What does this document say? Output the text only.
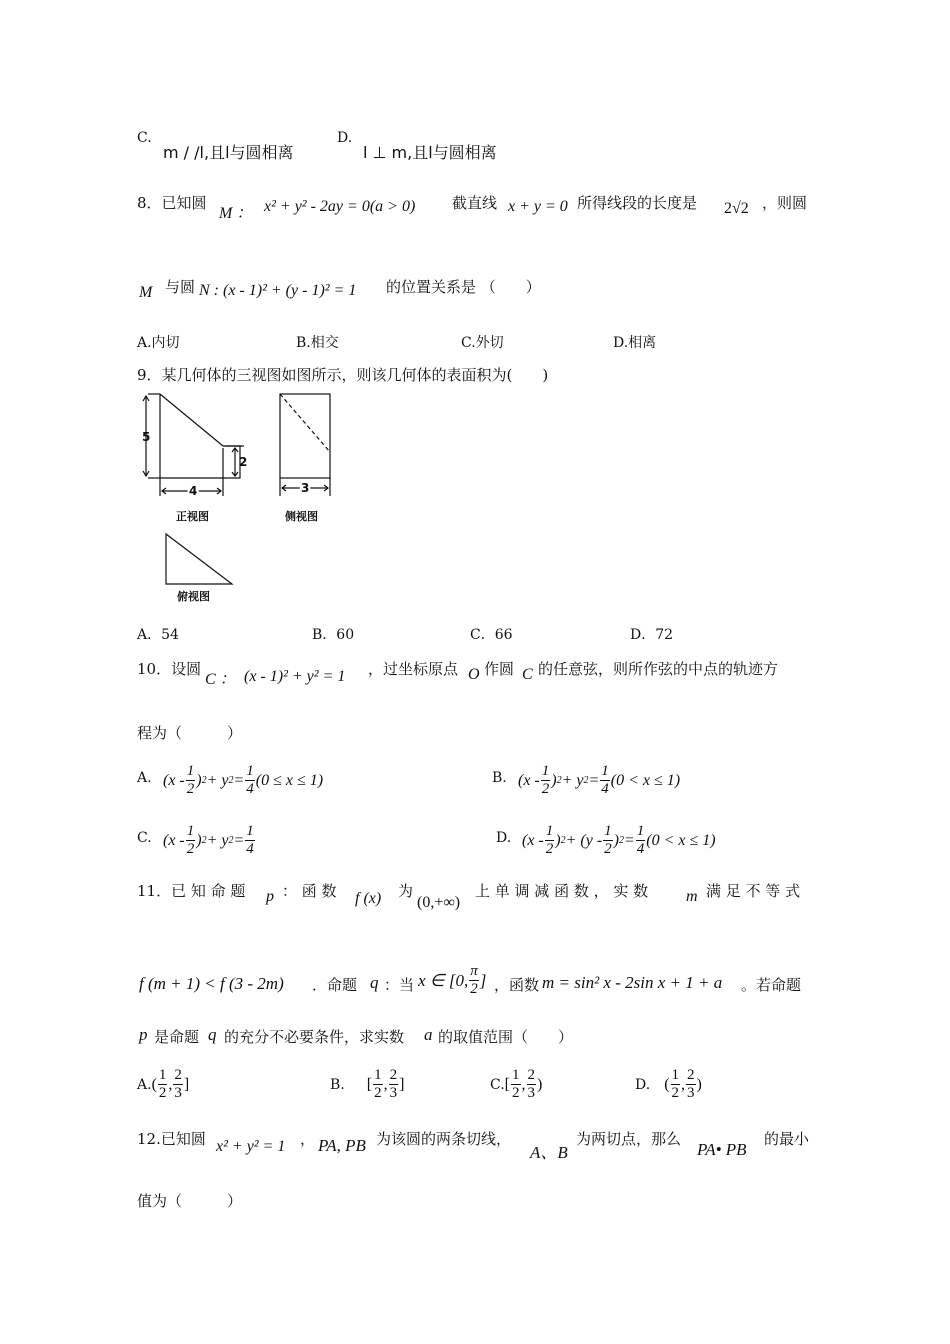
C.
m / /l,且l与圆相离
D.
l ⊥ m,且l与圆相离
8．已知圆
M ： x² + y² - 2ay = 0(a > 0) 截直线 x + y = 0 所得线段的长度是 2√2 ，则圆
M 与圆 N : (x - 1)² + (y - 1)² = 1 的位置关系是 （　　）
A.内切	B.相交	C.外切	D.相离
9．某几何体的三视图如图所示，则该几何体的表面积为(　　)
5
2
4
正视图
3
侧视图
俯视图
A．54	B．60	C．66	D．72
10．设圆
C ： (x - 1)² + y² = 1 ，过坐标原点 O 作圆 C 的任意弦，则所作弦的中点的轨迹方
程为（　　　）
A. ($x - \frac{1}{2}$ ) 2 + y $2 = \frac{1}{4} (0 \le x \le 1)$	B. ($x - \frac{1}{2}$ ) 2 + y $2 = \frac{1}{4} (0 < x \le 1)$
C. ($x - \frac{1}{2}$ ) 2 + y $2 = \frac{1}{4}$	D. ($x - \frac{1}{2}$ ) $2 + (y - \frac{1}{2}$ ) $2 = \frac{1}{4} (0 < x \le 1)$
11．已 知 命 题 p ： 函 数 f (x) 为
(0,+∞)
上 单 调 减 函 数 ， 实 数 m 满 足 不 等 式
f (m + 1) < f (3 - 2m) ．命题 q ：当 x ∈ [0, $\frac{\pi}{2}$ ] ，函数 m = sin² x - 2sin x + 1 + a 。若命题
p 是命题 q 的充分不必要条件，求实数 a 的取值范围（　　）
A. ( $\frac{1}{2}$ , $\frac{2}{3}$ ]	B. [ $\frac{1}{2}$ , $\frac{2}{3}$ ]	C. [ $\frac{1}{2}$ , $\frac{2}{3}$ )	D. ( $\frac{1}{2}$ , $\frac{2}{3}$ )
12.已知圆 x² + y² = 1 ， PA, PB 为该圆的两条切线，
A、B
为两切点，那么
PA• PB
的最小
值为（　　　）
